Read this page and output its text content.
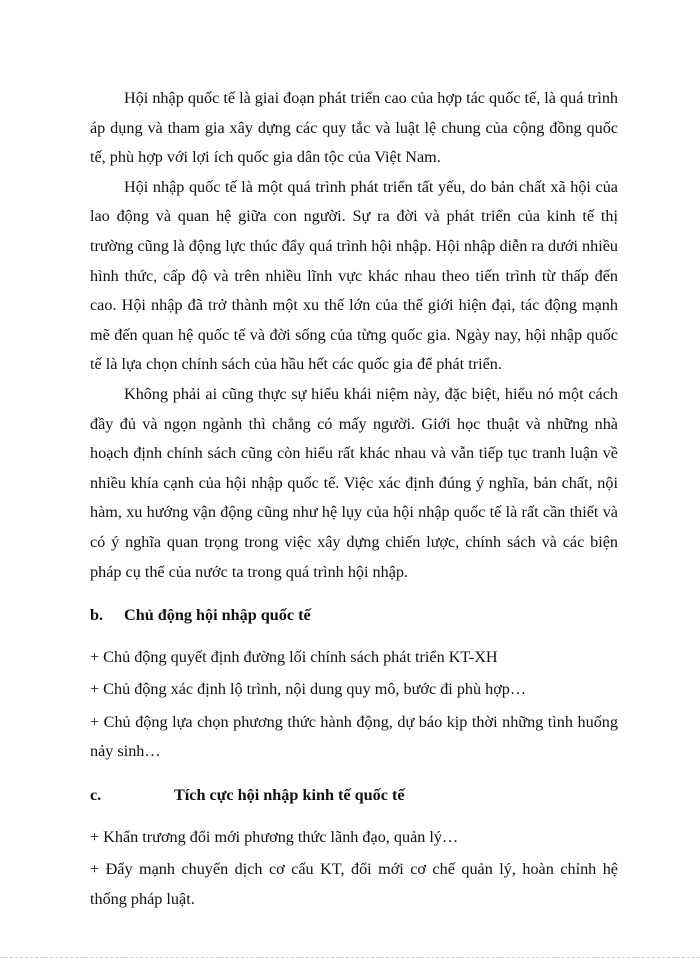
Hội nhập quốc tế là giai đoạn phát triển cao của hợp tác quốc tế, là quá trình áp dụng và tham gia xây dựng các quy tắc và luật lệ chung của cộng đồng quốc tế, phù hợp với lợi ích quốc gia dân tộc của Việt Nam.

Hội nhập quốc tế là một quá trình phát triển tất yếu, do bản chất xã hội của lao động và quan hệ giữa con người. Sự ra đời và phát triển của kinh tế thị trường cũng là động lực thúc đẩy quá trình hội nhập. Hội nhập diễn ra dưới nhiều hình thức, cấp độ và trên nhiều lĩnh vực khác nhau theo tiến trình từ thấp đến cao. Hội nhập đã trở thành một xu thế lớn của thế giới hiện đại, tác động mạnh mẽ đến quan hệ quốc tế và đời sống của từng quốc gia. Ngày nay, hội nhập quốc tế là lựa chọn chính sách của hầu hết các quốc gia để phát triển.

Không phải ai cũng thực sự hiểu khái niệm này, đặc biệt, hiểu nó một cách đầy đủ và ngọn ngành thì chẳng có mấy người. Giới học thuật và những nhà hoạch định chính sách cũng còn hiểu rất khác nhau và vẫn tiếp tục tranh luận về nhiều khía cạnh của hội nhập quốc tế. Việc xác định đúng ý nghĩa, bản chất, nội hàm, xu hướng vận động cũng như hệ lụy của hội nhập quốc tế là rất cần thiết và có ý nghĩa quan trọng trong việc xây dựng chiến lược, chính sách và các biện pháp cụ thể của nước ta trong quá trình hội nhập.

b.	Chủ động hội nhập quốc tế
+ Chủ động quyết định đường lối chính sách phát triển KT-XH
+ Chủ động xác định lộ trình, nội dung quy mô, bước đi phù hợp…
+ Chủ động lựa chọn phương thức hành động, dự báo kịp thời những tình huống nảy sinh…
c.	Tích cực hội nhập kinh tế quốc tế
+ Khẩn trương đổi mới phương thức lãnh đạo, quản lý…
+ Đẩy mạnh chuyển dịch cơ cấu KT, đổi mới cơ chế quản lý, hoàn chỉnh hệ thống pháp luật.
